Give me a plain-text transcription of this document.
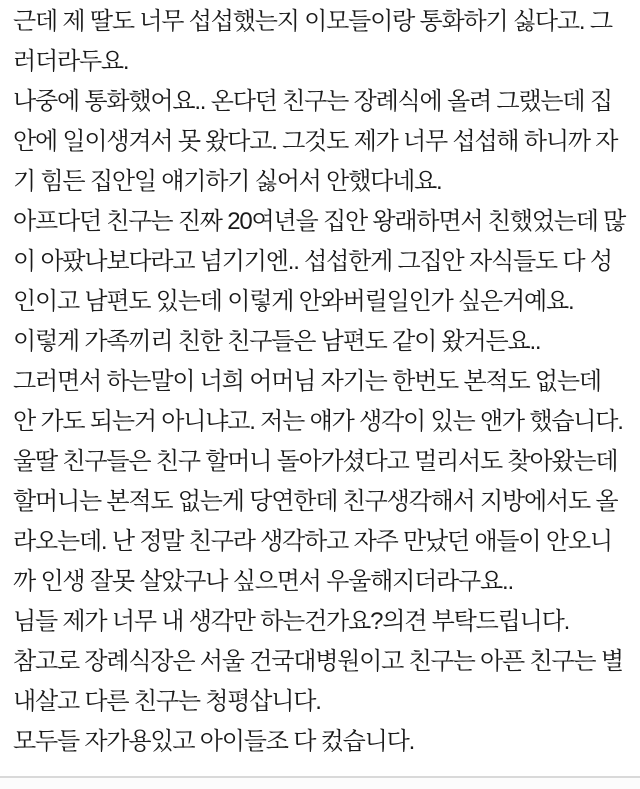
근데 제 딸도 너무 섭섭했는지 이모들이랑 통화하기 싫다고. 그러더라두요.

나중에 통화했어요.. 온다던 친구는 장례식에 올려 그랬는데 집안에 일이생겨서 못 왔다고. 그것도 제가 너무 섭섭해 하니까 자기 힘든 집안일 얘기하기 싫어서 안했다네요.

아프다던 친구는 진짜 20여년을 집안 왕래하면서 친했었는데 많이 아팠나보다라고 넘기기엔.. 섭섭한게 그집안 자식들도 다 성인이고 남편도 있는데 이렇게 안와버릴일인가 싶은거예요.

이렇게 가족끼리 친한 친구들은 남편도 같이 왔거든요..

그러면서 하는말이 너희 어머님 자기는 한번도 본적도 없는데 안 가도 되는거 아니냐고. 저는 얘가 생각이 있는 앤가 했습니다.

울딸 친구들은 친구 할머니 돌아가셨다고 멀리서도 찾아왔는데 할머니는 본적도 없는게 당연한데 친구생각해서 지방에서도 올라오는데. 난 정말 친구라 생각하고 자주 만났던 애들이 안오니까 인생 잘못 살았구나 싶으면서 우울해지더라구요..

님들 제가 너무 내 생각만 하는건가요?의견 부탁드립니다.

참고로 장례식장은 서울 건국대병원이고 친구는 아픈 친구는 별내살고 다른 친구는 청평삽니다.

모두들 자가용있고 아이들조 다 컸습니다.
